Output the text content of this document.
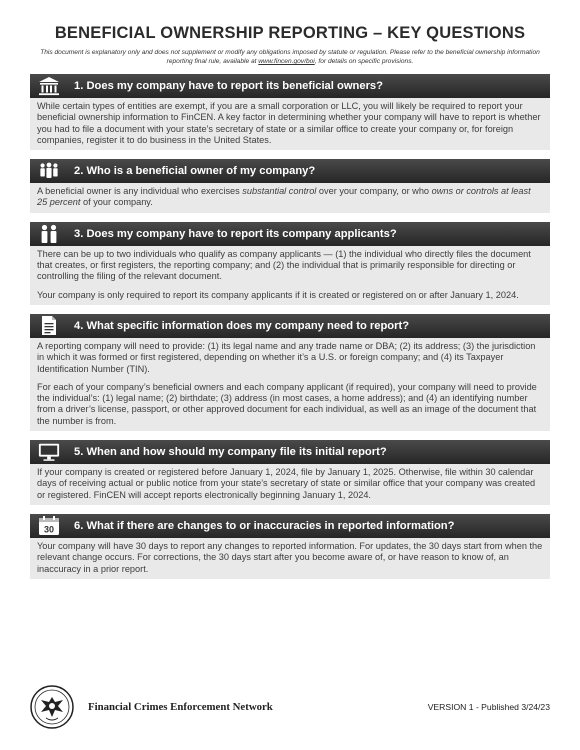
BENEFICIAL OWNERSHIP REPORTING – KEY QUESTIONS
This document is explanatory only and does not supplement or modify any obligations imposed by statute or regulation. Please refer to the beneficial ownership information reporting final rule, available at www.fincen.gov/boi, for details on specific provisions.
1. Does my company have to report its beneficial owners?

While certain types of entities are exempt, if you are a small corporation or LLC, you will likely be required to report your beneficial ownership information to FinCEN. A key factor in determining whether your company will have to report is whether you had to file a document with your state’s secretary of state or a similar office to create your company or, for foreign companies, register it to do business in the United States.

2. Who is a beneficial owner of my company?

A beneficial owner is any individual who exercises substantial control over your company, or who owns or controls at least 25 percent of your company.

3. Does my company have to report its company applicants?

There can be up to two individuals who qualify as company applicants — (1) the individual who directly files the document that creates, or first registers, the reporting company; and (2) the individual that is primarily responsible for directing or controlling the filing of the relevant document.

Your company is only required to report its company applicants if it is created or registered on or after January 1, 2024.

4. What specific information does my company need to report?

A reporting company will need to provide: (1) its legal name and any trade name or DBA; (2) its address; (3) the jurisdiction in which it was formed or first registered, depending on whether it’s a U.S. or foreign company; and (4) its Taxpayer Identification Number (TIN).

For each of your company’s beneficial owners and each company applicant (if required), your company will need to provide the individual’s: (1) legal name; (2) birthdate; (3) address (in most cases, a home address); and (4) an identifying number from a driver’s license, passport, or other approved document for each individual, as well as an image of the document that the number is from.

5. When and how should my company file its initial report?

If your company is created or registered before January 1, 2024, file by January 1, 2025. Otherwise, file within 30 calendar days of receiving actual or public notice from your state’s secretary of state or similar office that your company was created or registered. FinCEN will accept reports electronically beginning January 1, 2024.

30 6. What if there are changes to or inaccuracies in reported information?

Your company will have 30 days to report any changes to reported information. For updates, the 30 days start from when the relevant change occurs. For corrections, the 30 days start after you become aware of, or have reason to know of, an inaccuracy in a prior report.

Financial Crimes Enforcement Network	VERSION 1 - Published 3/24/23
